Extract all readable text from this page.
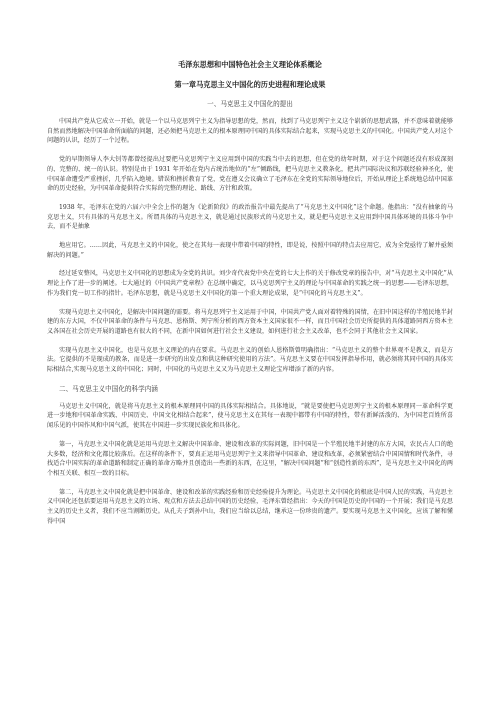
毛泽东思想和中国特色社会主义理论体系概论
第一章马克思主义中国化的历史进程和理论成果
一、马克思主义中国化的提出

中国共产党从它成立一开始，就是一个以马克思列宁主义为指导思想的党，然而，找到了马克思列宁主义这个崭新的思想武器，并不意味着就能够自然而然地解决中国革命所面临的问题，还必须把马克思主义的根本原理同中国的具体实际结合起来，实现马克思主义的中国化。中国共产党人对这个问题的认识，经历了一个过程。

党的早期领导人李大钊等都曾经提出过要把马克思列宁主义应用到中国的实践当中去的思想，但在党的幼年时期，对于这个问题还没有形成深刻的、完整的、统一的认识。特别是由于 1931 年开始在党内占统治地位的“左”倾路线，把马克思主义教条化，把共产国际决议和苏联经验神圣化，使中国革命遭受严重挫折，几乎陷入绝境。错误和挫折教育了党，党在遵义会议确立了毛泽东在全党的实际领导地位后，开始从理论上系统地总结中国革命的历史经验，为中国革命提供符合实际的完整的理论、路线、方针和政策。

1938 年，毛泽东在党的六届六中全会上作的题为《论新阶段》的政治报告中最先提出了“马克思主义中国化”这个命题。他指出：“没有抽象的马克思主义，只有具体的马克思主义。所谓具体的马克思主义，就是通过民族形式的马克思主义，就是把马克思主义应用到中国具体环境的具体斗争中去，而不是抽象

地应用它。……因此，马克思主义的中国化，使之在其每一表现中带着中国的特性，即是说，按照中国的特点去应用它，成为全党亟待了解并亟须解决的问题。”

经过延安整风，马克思主义中国化的思想成为全党的共识。刘少奇代表党中央在党的七大上作的关于修改党章的报告中，对“马克思主义中国化”从理论上作了进一步的阐述。七大通过的《中国共产党章程》在总纲中确定，以马克思列宁主义的理论与中国革命的实践之统一的思想——毛泽东思想，作为我们党一切工作的指针。毛泽东思想，就是马克思主义中国化的第一个重大理论成果，是“中国化的马克思主义”。

实现马克思主义中国化，是解决中国问题的需要。将马克思列宁主义运用于中国，中国共产党人面对着特殊的国情，在旧中国这样的半殖民地半封建的东方大国，不仅中国革命的条件与马克思、恩格斯、列宁所分析的西方资本主义国家很不一样，而且中国社会历史所提供的具体道路同西方资本主义各国在社会历史开展的道路也有很大的不同，在新中国如何进行社会主义建设，如何进行社会主义改革，也不会同于其他社会主义国家。

实现马克思主义中国化，也是马克思主义理论的内在要求。马克思主义的创始人恩格斯曾明确指出：“马克思主义的整个世界观不是教义，而是方法。它提供的不是现成的教条，而是进一步研究的出发点和供这种研究使用的方法”。马克思主义要在中国发挥指导作用，就必须将其同中国的具体实际相结合,实现马克思主义的中国化；同时，中国化的马克思主义又为马克思主义理论宝库增添了新的内容。

二、马克思主义中国化的科学内涵

马克思主义中国化，就是将马克思主义的根本原理同中国的具体实际相结合。具体地说，“就是要使把马克思列宁主义的根本原理同一革命科学更进一步地和中国革命实践、中国历史、中国文化相结合起来”，使马克思主义在其每一表现中都带有中国的特性，带有新鲜活泼的、为中国老百姓所喜闻乐见的中国作风和中国气派，使其在中国进一步实现民族化和具体化。

第一，马克思主义中国化就是运用马克思主义解决中国革命、建设和改革的实际问题，旧中国是一个半殖民地半封建的东方大国，农民占人口的绝大多数，经济和文化都比较落后。在这样的条件下，要真正运用马克思列宁主义来指导中国革命、建设和改革，必须紧密结合中国国情和时代条件，寻找适合中国实际的革命道路和制定正确的革命方略并且创造出一些新的东西，在这里，“解决中国问题”和“创造性新的东西”，是马克思主义中国化的两个相互关联、相互一致的目标。

第二，马克思主义中国化就是把中国革命、建设和改革的实践经验和历史经验提升为理论。马克思主义中国化的根底是中国人民的实践，马克思主义中国化还包括要运用马克思主义的立场、观点和方法去总结中国的历史经验，毛泽东曾经指出：今天的中国是历史的中国的一个开展；我们是马克思主义的历史主义者，我们不应当割断历史。从孔夫子到孙中山，我们应当给以总结，继承这一份珍贵的遗产。要实现马克思主义中国化，应该了解和懂得中国
